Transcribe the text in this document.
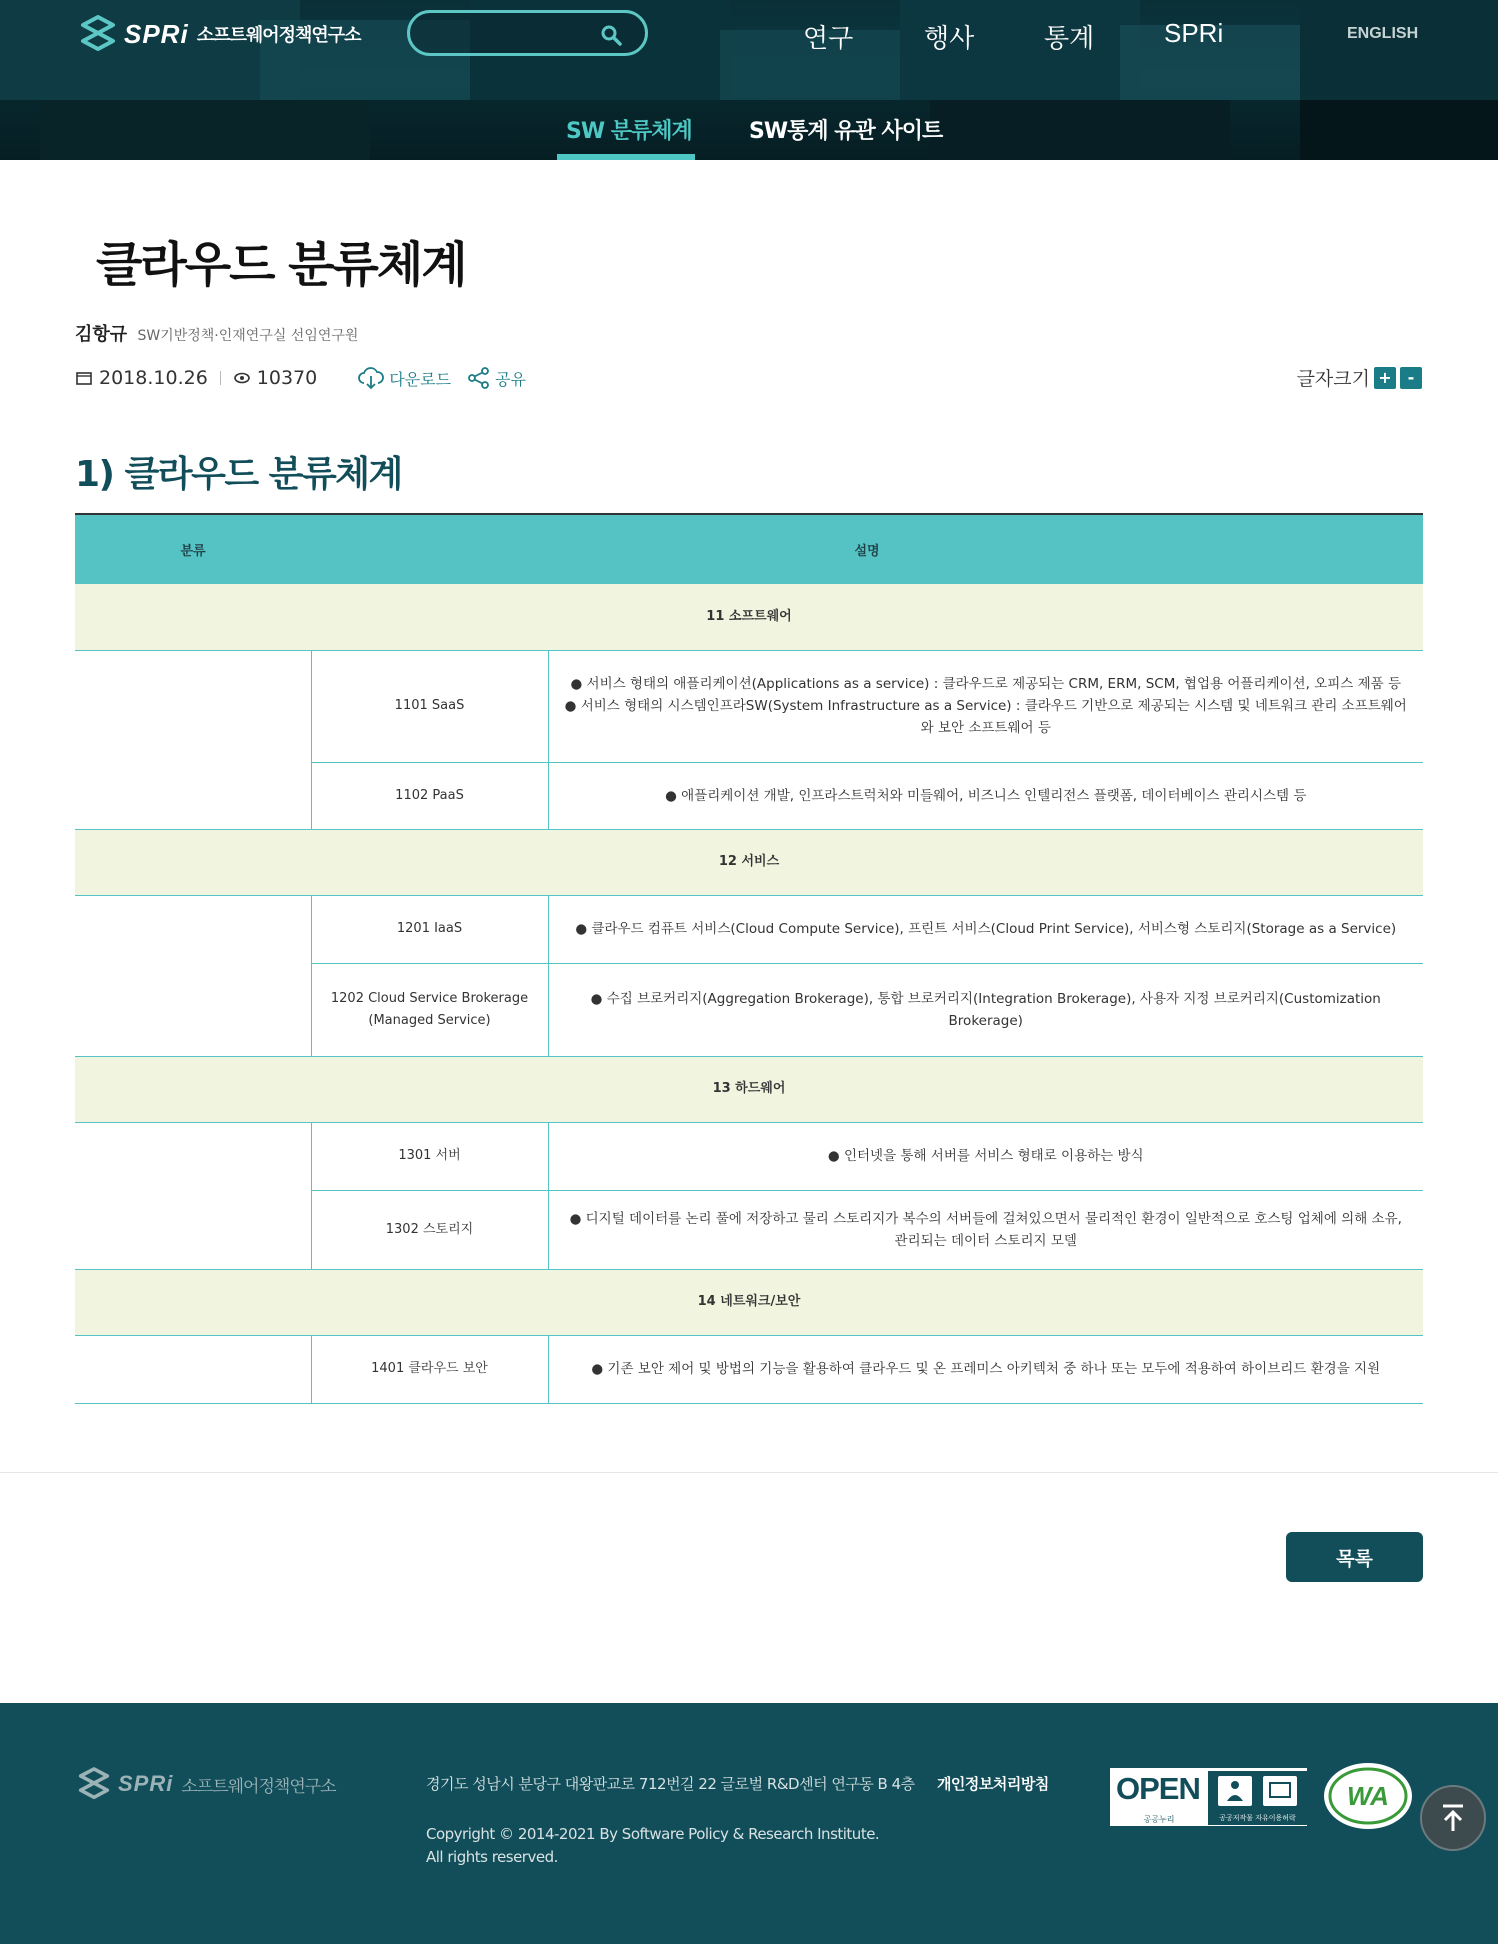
SPRi 소프트웨어정책연구소	연구	행사	통계	SPRi	ENGLISH
SW 분류체계	SW통계 유관 사이트
클라우드 분류체계
김항규 SW기반정책·인재연구실 선임연구원
2018.10.26	10370	다운로드	공유	글자크기 + -
1) 클라우드 분류체계
분류	설명	
11 소프트웨어		
	1101 SaaS	● 서비스 형태의 애플리케이션(Applications as a service) : 클라우드로 제공되는 CRM, ERM, SCM, 협업용 어플리케이션, 오피스 제품 등
● 서비스 형태의 시스템인프라SW(System Infrastructure as a Service) : 클라우드 기반으로 제공되는 시스템 및 네트워크 관리 소프트웨어와 보안 소프트웨어 등

	1102 PaaS	● 애플리케이션 개발, 인프라스트럭처와 미들웨어, 비즈니스 인텔리전스 플랫폼, 데이터베이스 관리시스템 등
12 서비스		
	1201 IaaS	● 클라우드 컴퓨트 서비스(Cloud Compute Service), 프린트 서비스(Cloud Print Service), 서비스형 스토리지(Storage as a Service)
	1202 Cloud Service Brokerage (Managed Service)	● 수집 브로커리지(Aggregation Brokerage), 통합 브로커리지(Integration Brokerage), 사용자 지정 브로커리지(Customization Brokerage)
13 하드웨어		
	1301 서버	● 인터넷을 통해 서버를 서비스 형태로 이용하는 방식
	1302 스토리지	● 디지털 데이터를 논리 풀에 저장하고 물리 스토리지가 복수의 서버들에 걸쳐있으면서 물리적인 환경이 일반적으로 호스팅 업체에 의해 소유, 관리되는 데이터 스토리지 모델
14 네트워크/보안		
	1401 클라우드 보안	● 기존 보안 제어 및 방법의 기능을 활용하여 클라우드 및 온 프레미스 아키텍처 중 하나 또는 모두에 적용하여 하이브리드 환경을 지원
목록
SPRi 소프트웨어정책연구소	경기도 성남시 분당구 대왕판교로 712번길 22 글로벌 R&D센터 연구동 B 4층 개인정보처리방침
Copyright © 2014-2021 By Software Policy & Research Institute.
All rights reserved.
OPEN
공공누리	공공저작물 자유이용허락
WA
